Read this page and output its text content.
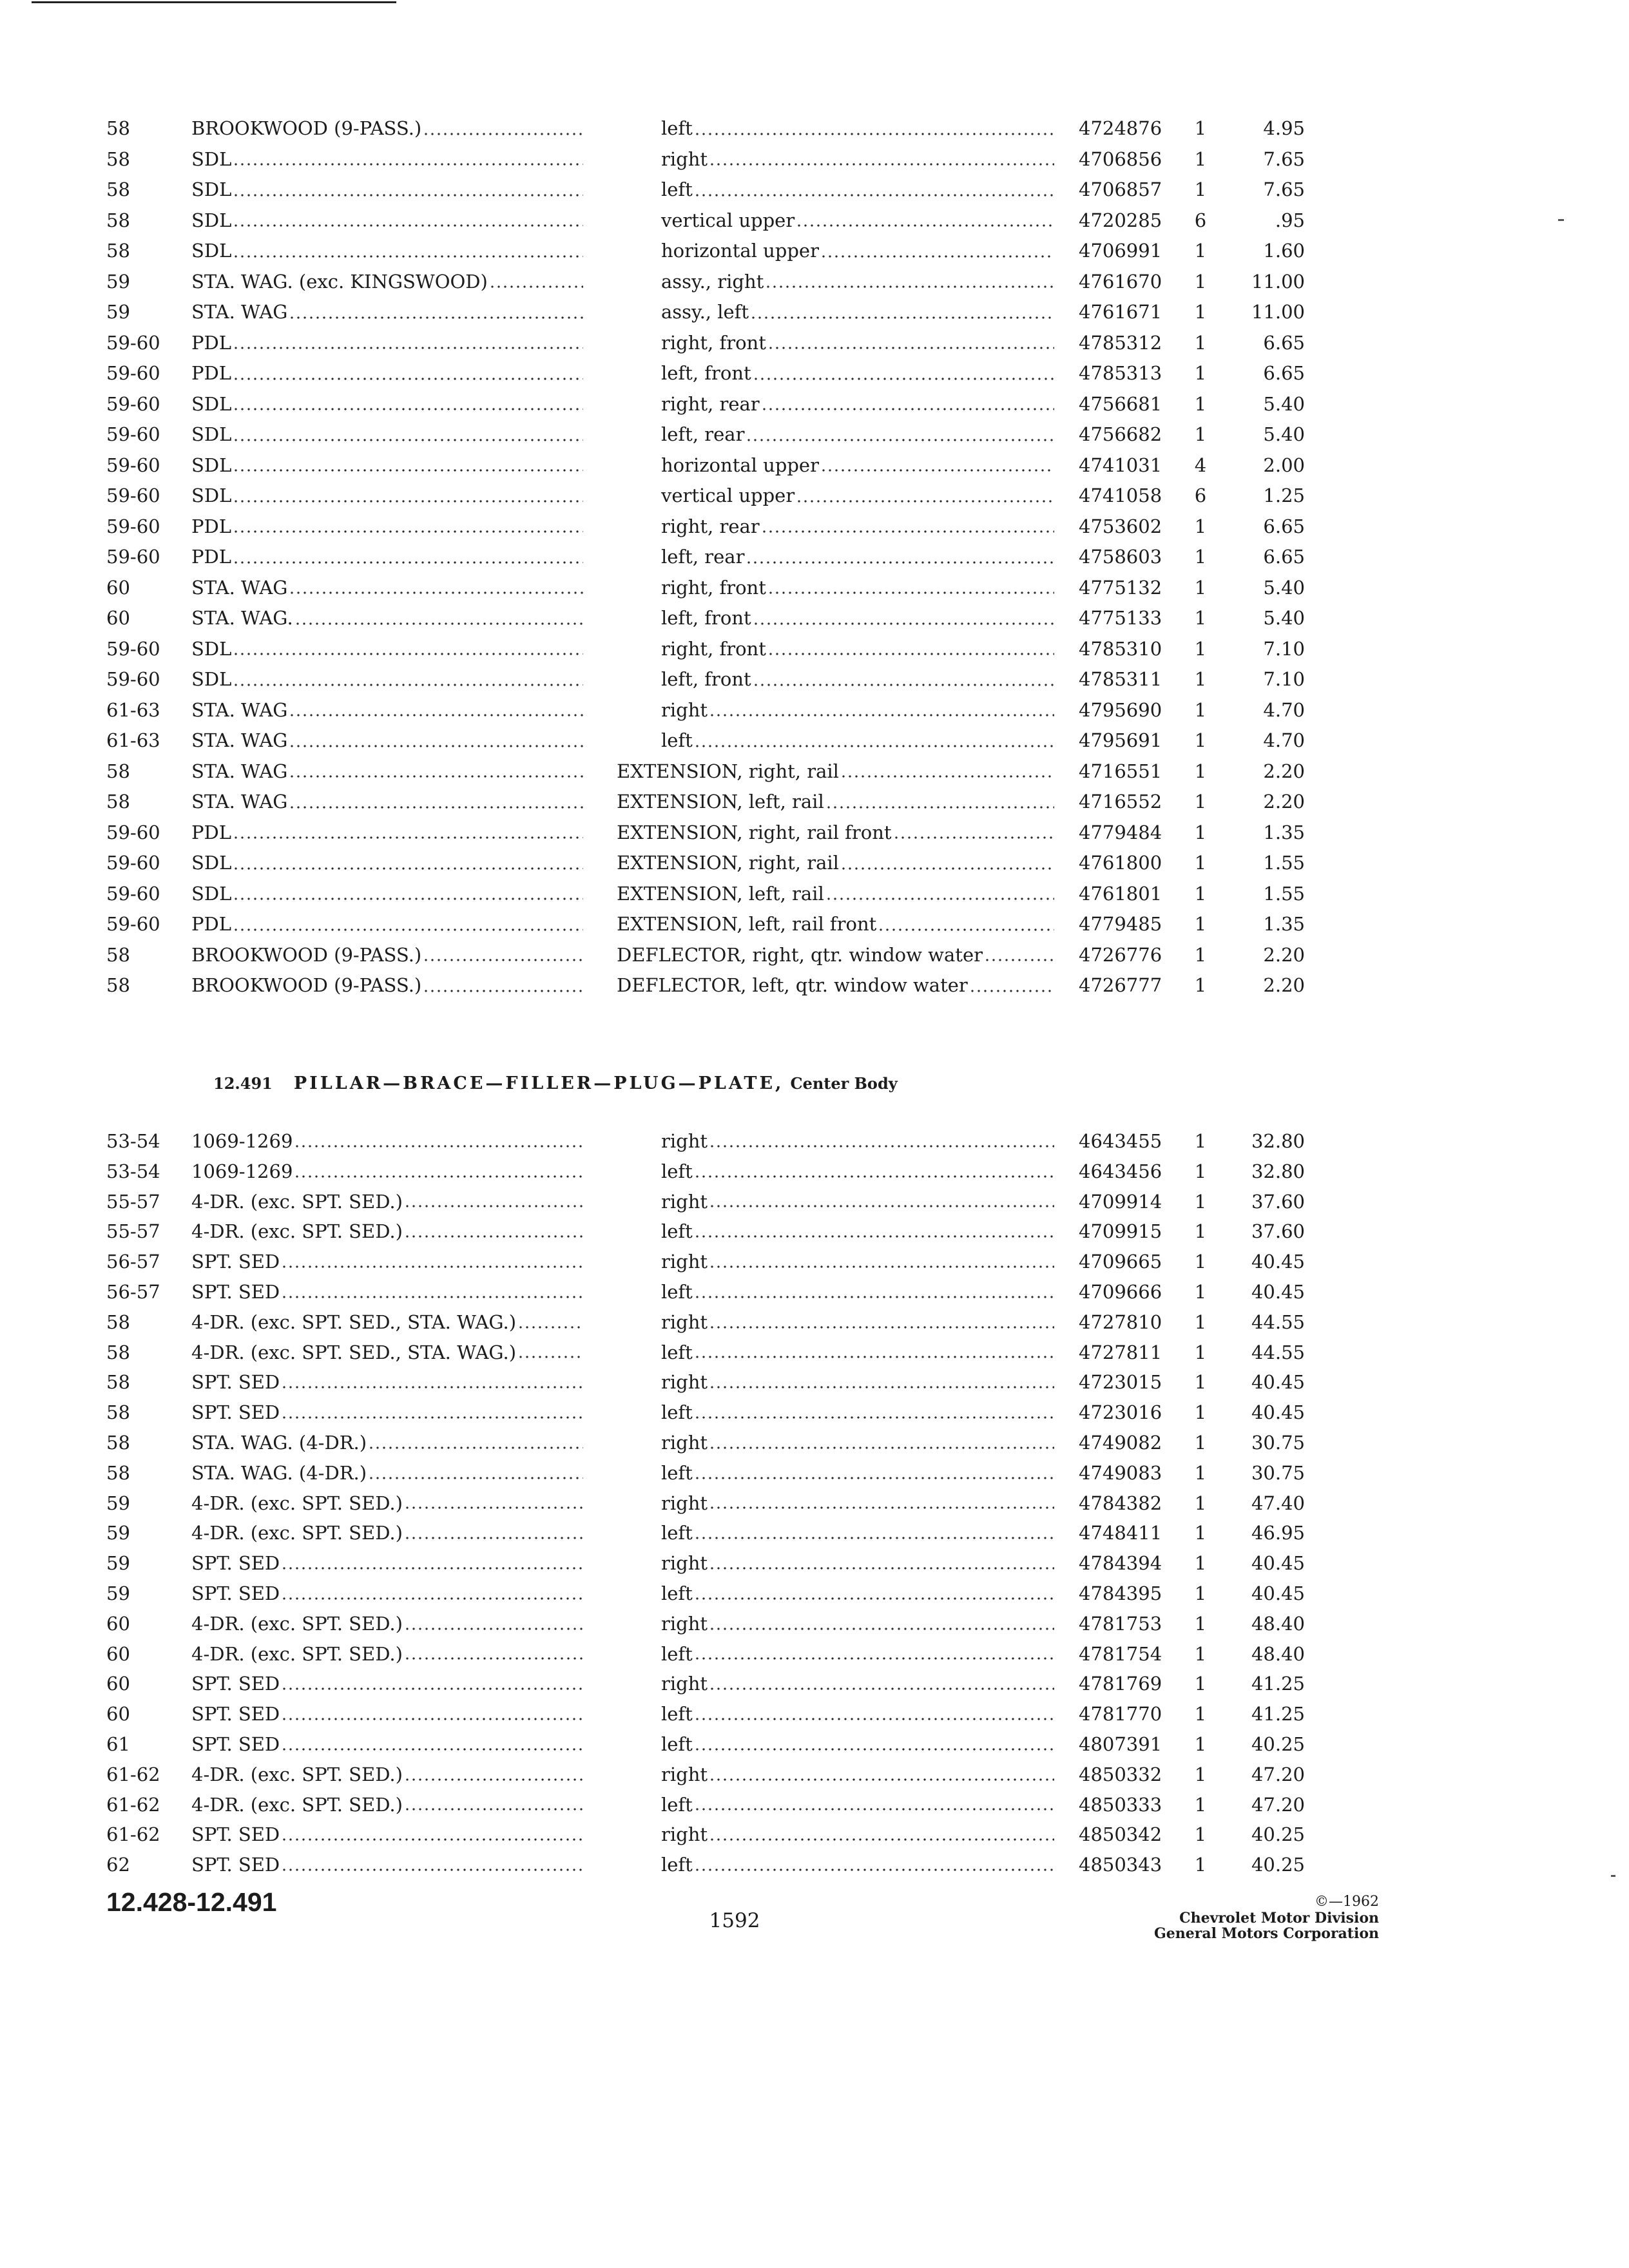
58	BROOKWOOD (9-PASS.)	left	4724876 1	4.95
58	SDL	right	4706856 1	7.65
58	SDL	left	4706857 1	7.65
58	SDL	vertical upper	4720285 6	.95
58	SDL	horizontal upper	4706991 1	1.60
59	STA. WAG. (exc. KINGSWOOD)	assy., right	4761670 1	11.00
59	STA. WAG	assy., left	4761671 1	11.00
59-60 PDL	right, front	4785312 1	6.65
59-60 PDL	left, front	4785313 1	6.65
59-60 SDL	right, rear	4756681 1	5.40
59-60 SDL	left, rear	4756682 1	5.40
59-60 SDL	horizontal upper	4741031 4	2.00
59-60 SDL	vertical upper	4741058 6	1.25
59-60 PDL	right, rear	4753602 1	6.65
59-60 PDL	left, rear	4758603 1	6.65
60	STA. WAG	right, front	4775132 1	5.40
60	STA. WAG.	left, front	4775133 1	5.40
59-60 SDL	right, front	4785310 1	7.10
59-60 SDL	left, front	4785311 1	7.10
61-63 STA. WAG	right	4795690 1	4.70
61-63 STA. WAG	left	4795691 1	4.70
58	STA. WAG	EXTENSION, right, rail	4716551 1	2.20
58	STA. WAG	EXTENSION, left, rail	4716552 1	2.20
59-60 PDL	EXTENSION, right, rail front	4779484 1	1.35
59-60 SDL	EXTENSION, right, rail	4761800 1	1.55
59-60 SDL	EXTENSION, left, rail	4761801 1	1.55
59-60 PDL	EXTENSION, left, rail front	4779485 1	1.35
58	BROOKWOOD (9-PASS.)	DEFLECTOR, right, qtr. window water	4726776 1	2.20
58	BROOKWOOD (9-PASS.)	DEFLECTOR, left, qtr. window water	4726777 1	2.20
12.491 PILLAR—BRACE—FILLER—PLUG—PLATE, Center Body
53-54 1069-1269	right	4643455 1	32.80
53-54 1069-1269	left	4643456 1	32.80
55-57 4-DR. (exc. SPT. SED.)	right	4709914 1	37.60
55-57 4-DR. (exc. SPT. SED.)	left	4709915 1	37.60
56-57 SPT. SED	right	4709665 1	40.45
56-57 SPT. SED	left	4709666 1	40.45
58	4-DR. (exc. SPT. SED., STA. WAG.)	right	4727810 1	44.55
58	4-DR. (exc. SPT. SED., STA. WAG.)	left	4727811 1	44.55
58	SPT. SED	right	4723015 1	40.45
58	SPT. SED	left	4723016 1	40.45
58	STA. WAG. (4-DR.)	right	4749082 1	30.75
58	STA. WAG. (4-DR.)	left	4749083 1	30.75
59	4-DR. (exc. SPT. SED.)	right	4784382 1	47.40
59	4-DR. (exc. SPT. SED.)	left	4748411 1	46.95
59	SPT. SED	right	4784394 1	40.45
59	SPT. SED	left	4784395 1	40.45
60	4-DR. (exc. SPT. SED.)	right	4781753 1	48.40
60	4-DR. (exc. SPT. SED.)	left	4781754 1	48.40
60	SPT. SED	right	4781769 1	41.25
60	SPT. SED	left	4781770 1	41.25
61	SPT. SED	left	4807391 1	40.25
61-62 4-DR. (exc. SPT. SED.)	right	4850332 1	47.20
61-62 4-DR. (exc. SPT. SED.)	left	4850333 1	47.20
61-62 SPT. SED	right	4850342 1	40.25
62	SPT. SED	left	4850343 1	40.25
12.428-12.491
1592
©—1962
Chevrolet Motor Division
General Motors Corporation
